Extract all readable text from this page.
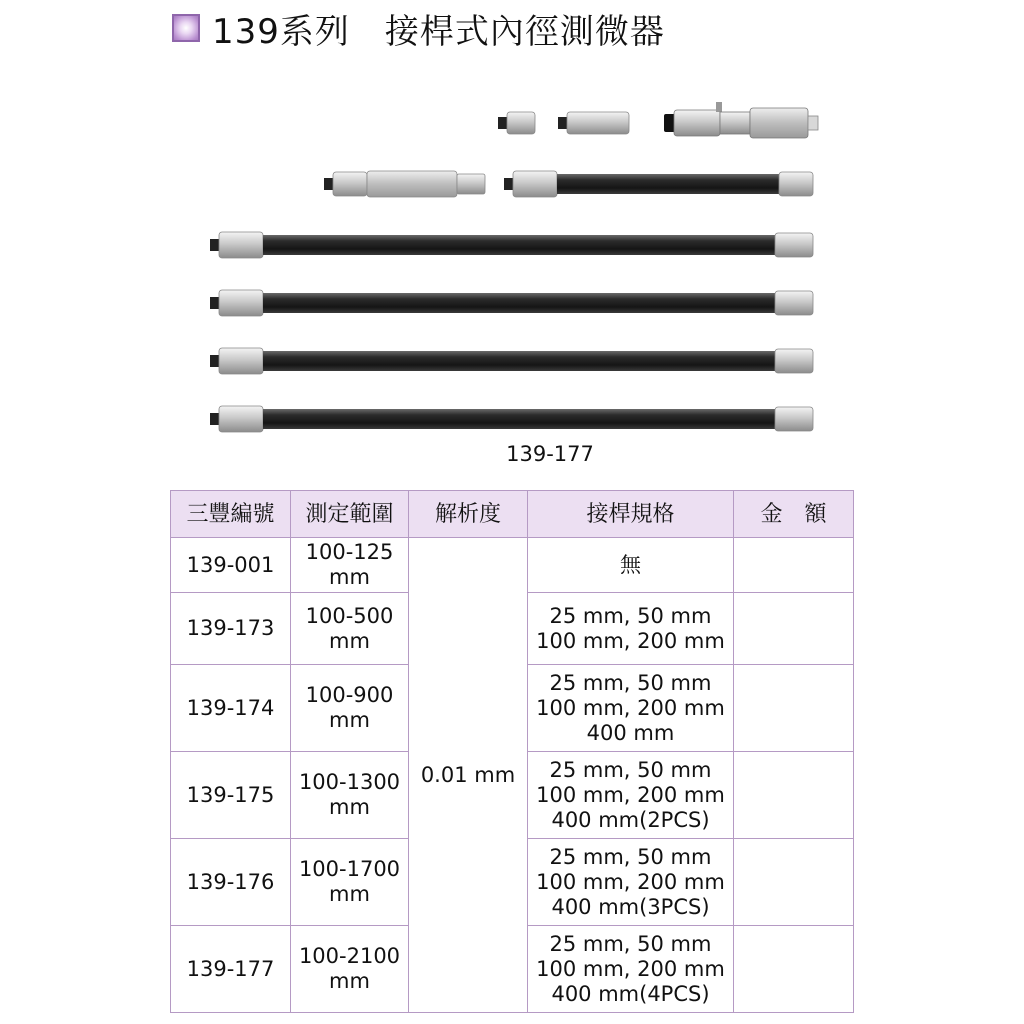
139系列　接桿式內徑測微器
139-177
三豐編號	測定範圍	解析度	接桿規格	金　額
139-001	100-125
mm	0.01 mm	無	

139-173	100-500
mm		25 mm, 50 mm
100 mm, 200 mm	

139-174	100-900
mm		25 mm, 50 mm
100 mm, 200 mm
400 mm	

139-175	100-1300
mm		25 mm, 50 mm
100 mm, 200 mm
400 mm(2PCS)	

139-176	100-1700
mm		25 mm, 50 mm
100 mm, 200 mm
400 mm(3PCS)	

139-177	100-2100
mm		25 mm, 50 mm
100 mm, 200 mm
400 mm(4PCS)	
